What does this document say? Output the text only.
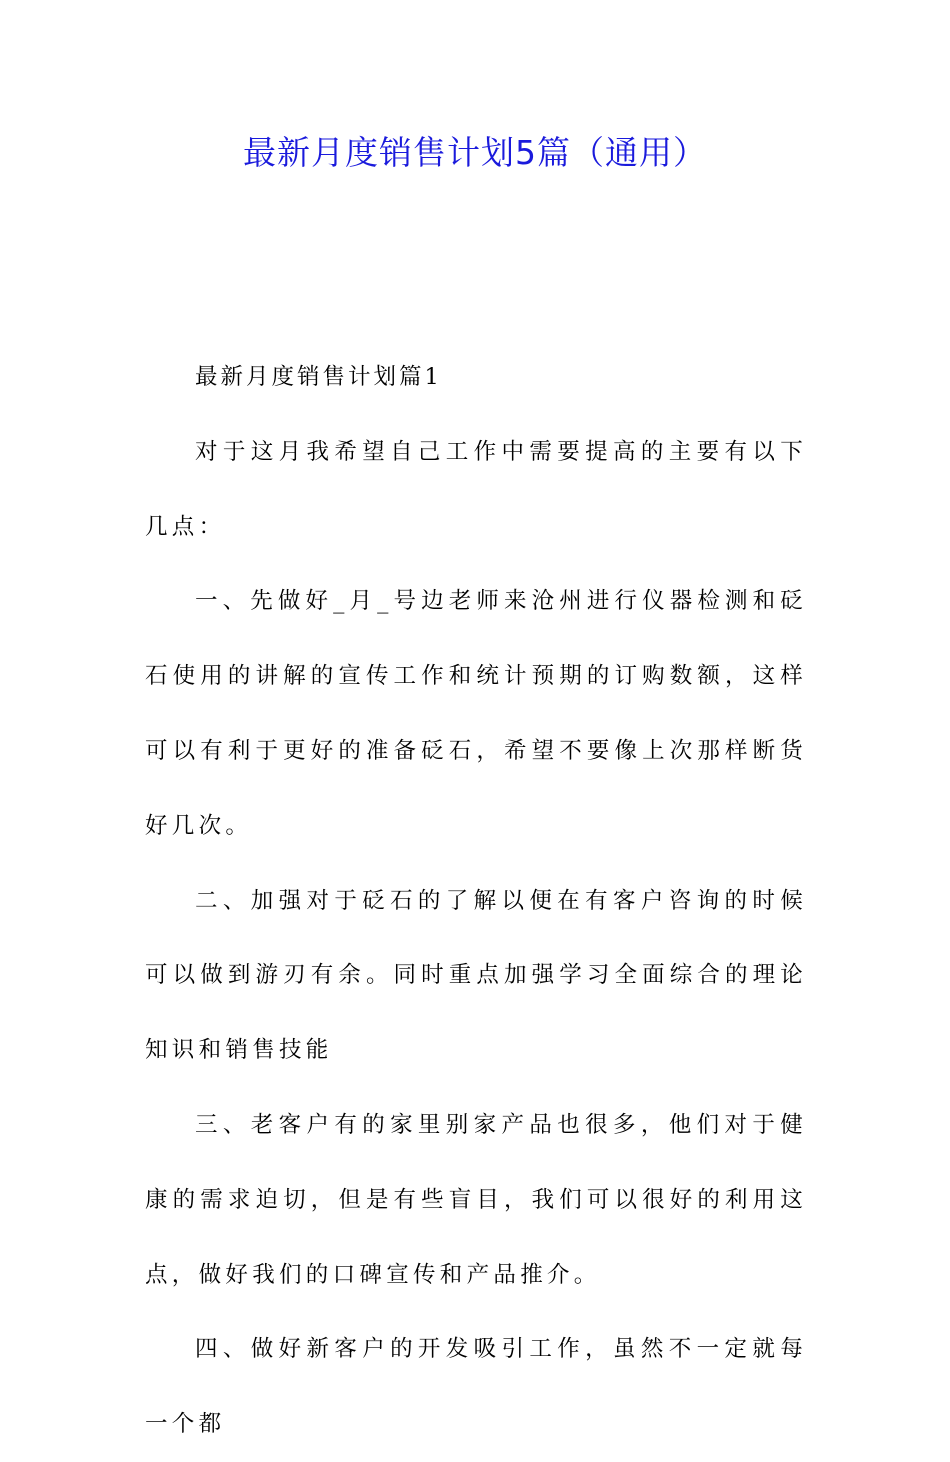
最新月度销售计划5篇（通用）

最新月度销售计划篇1

对于这月我希望自己工作中需要提高的主要有以下几点：

一、先做好_月_号边老师来沧州进行仪器检测和砭石使用的讲解的宣传工作和统计预期的订购数额，这样可以有利于更好的准备砭石，希望不要像上次那样断货好几次。

二、加强对于砭石的了解以便在有客户咨询的时候可以做到游刃有余。同时重点加强学习全面综合的理论知识和销售技能

三、老客户有的家里别家产品也很多，他们对于健康的需求迫切，但是有些盲目，我们可以很好的利用这点，做好我们的口碑宣传和产品推介。

四、做好新客户的开发吸引工作，虽然不一定就每一个都
